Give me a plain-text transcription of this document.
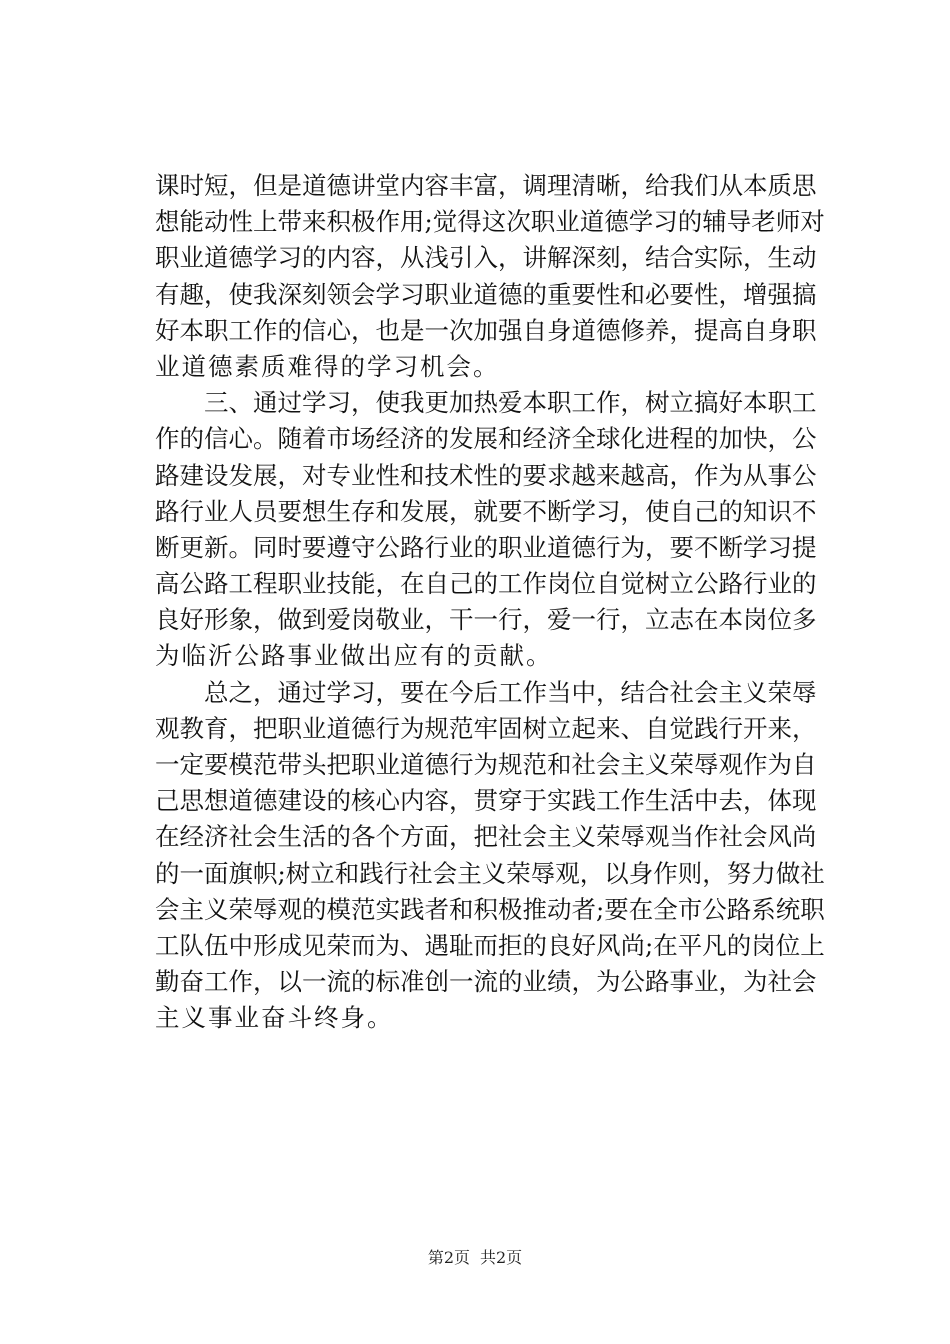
课时短，但是道德讲堂内容丰富，调理清晰，给我们从本质思
想能动性上带来积极作用;觉得这次职业道德学习的辅导老师对
职业道德学习的内容，从浅引入，讲解深刻，结合实际，生动
有趣，使我深刻领会学习职业道德的重要性和必要性，增强搞
好本职工作的信心，也是一次加强自身道德修养，提高自身职
业道德素质难得的学习机会。
三、通过学习，使我更加热爱本职工作，树立搞好本职工
作的信心。随着市场经济的发展和经济全球化进程的加快，公
路建设发展，对专业性和技术性的要求越来越高，作为从事公
路行业人员要想生存和发展，就要不断学习，使自己的知识不
断更新。同时要遵守公路行业的职业道德行为，要不断学习提
高公路工程职业技能，在自己的工作岗位自觉树立公路行业的
良好形象，做到爱岗敬业，干一行，爱一行，立志在本岗位多
为临沂公路事业做出应有的贡献。
总之，通过学习，要在今后工作当中，结合社会主义荣辱
观教育，把职业道德行为规范牢固树立起来、自觉践行开来，
一定要模范带头把职业道德行为规范和社会主义荣辱观作为自
己思想道德建设的核心内容，贯穿于实践工作生活中去，体现
在经济社会生活的各个方面，把社会主义荣辱观当作社会风尚
的一面旗帜;树立和践行社会主义荣辱观，以身作则，努力做社
会主义荣辱观的模范实践者和积极推动者;要在全市公路系统职
工队伍中形成见荣而为、遇耻而拒的良好风尚;在平凡的岗位上
勤奋工作，以一流的标准创一流的业绩，为公路事业，为社会
主义事业奋斗终身。
第2页 共2页
